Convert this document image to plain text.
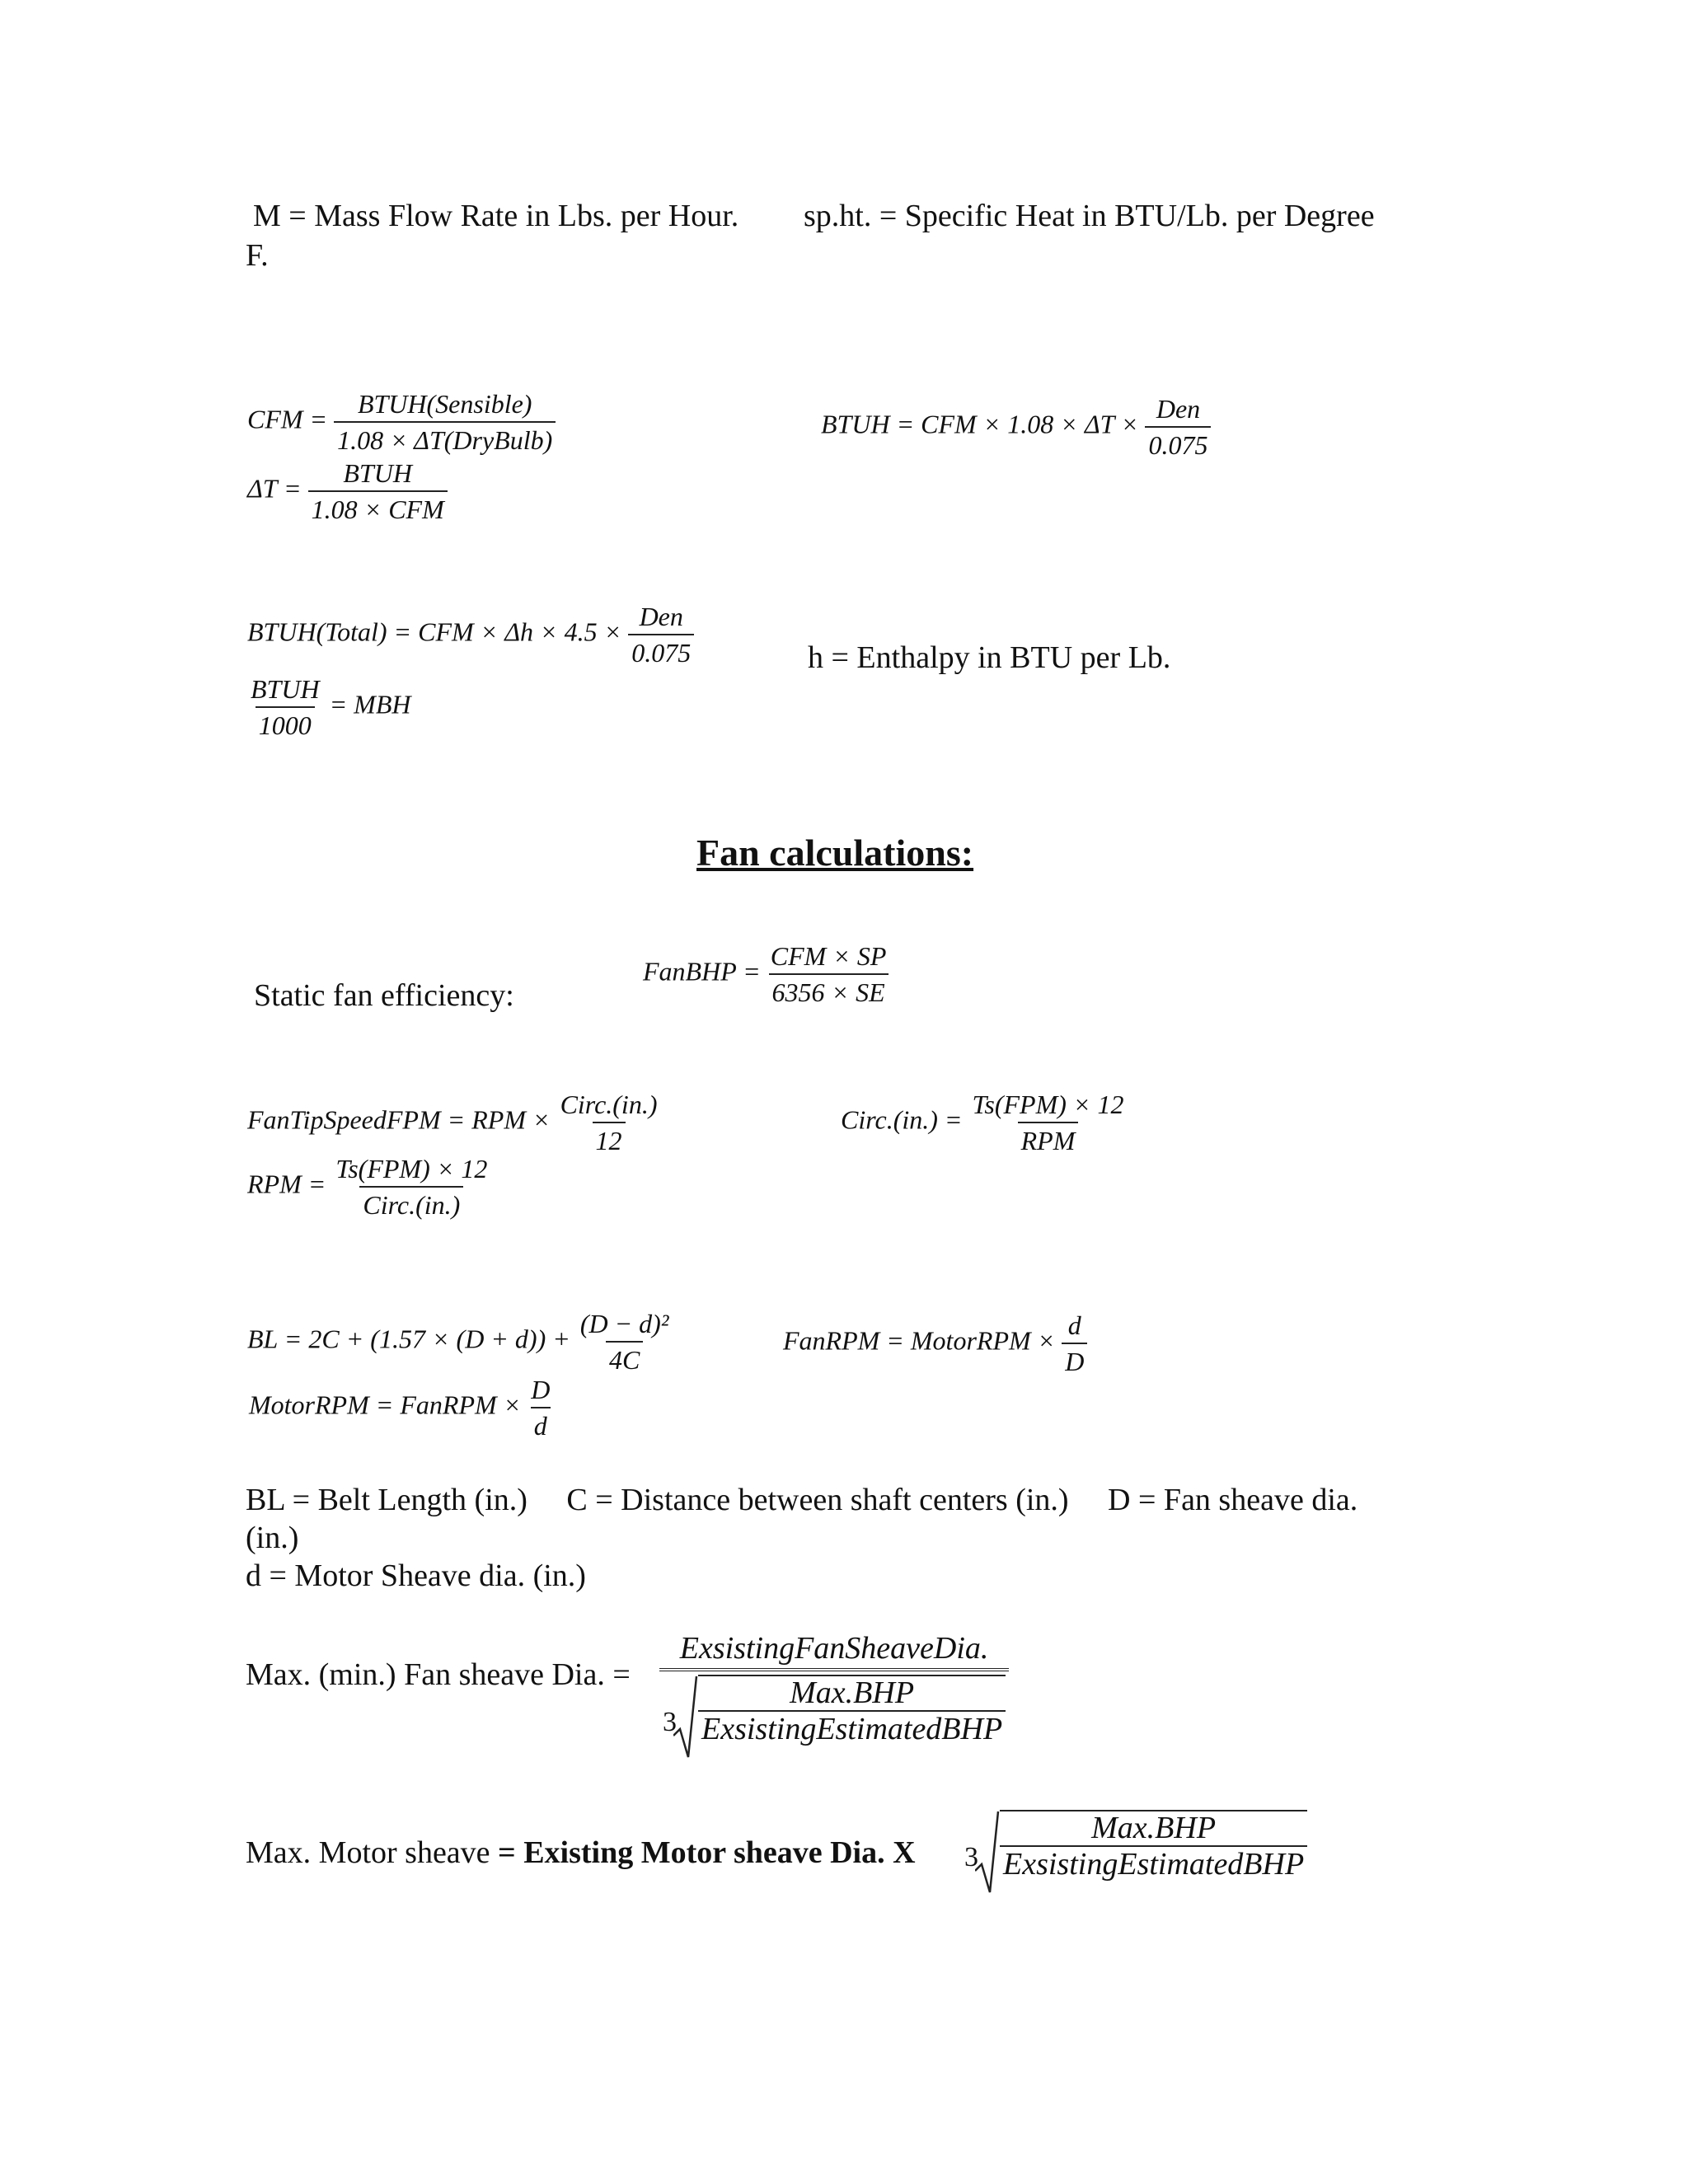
M = Mass Flow Rate in Lbs. per Hour. sp.ht. = Specific Heat in BTU/Lb. per Degree
F.
CFM = $\frac{\text{BTUH(Sensible)}}{\text{1.08 × ΔT(DryBulb)}}$
$\Delta T = \frac{\text{BTUH}}{\text{1.08 × CFM}}$
BTUH = CFM × $1.08 \times \Delta T \times \frac{\text{Den}}{0.075}$
BTUH(Total) = CFM × $\Delta h \times 4.5 \times \frac{\text{Den}}{0.075}$	h = Enthalpy in BTU per Lb.
$\frac{\text{BTUH}}{1000}$ = MBH
Fan calculations:
Static fan efficiency:
FanBHP = $\frac{\text{CFM × SP}}{6356 \times SE}$
FanTipSpeedFPM = RPM × $\frac{\text{Circ.(in.)}}{12}$	Circ.(in.) = $\frac{\text{Ts(FPM) × 12}}{\text{RPM}}$
RPM = $\frac{\text{Ts(FPM) × 12}}{\text{Circ.(in.)}}$
BL = $2C + (1.57 \times (D + d)) + \frac{\text{(D − d)²}}{4C}$	FanRPM = MotorRPM × $\frac{d}{D}$
MotorRPM = FanRPM × $\frac{D}{d}$
BL = Belt Length (in.)     C = Distance between shaft centers (in.)     D = Fan sheave dia.
(in.)
d = Motor Sheave dia. (in.)
Max. (min.) Fan sheave Dia. =
ExsistingFanSheaveDia.
$3 \frac{\text{Max.BHP}}{\text{ExsistingEstimatedBHP}}$
Max. Motor sheave = Existing Motor sheave Dia. X $3 \frac{\text{Max.BHP}}{\text{ExsistingEstimatedBHP}}$
